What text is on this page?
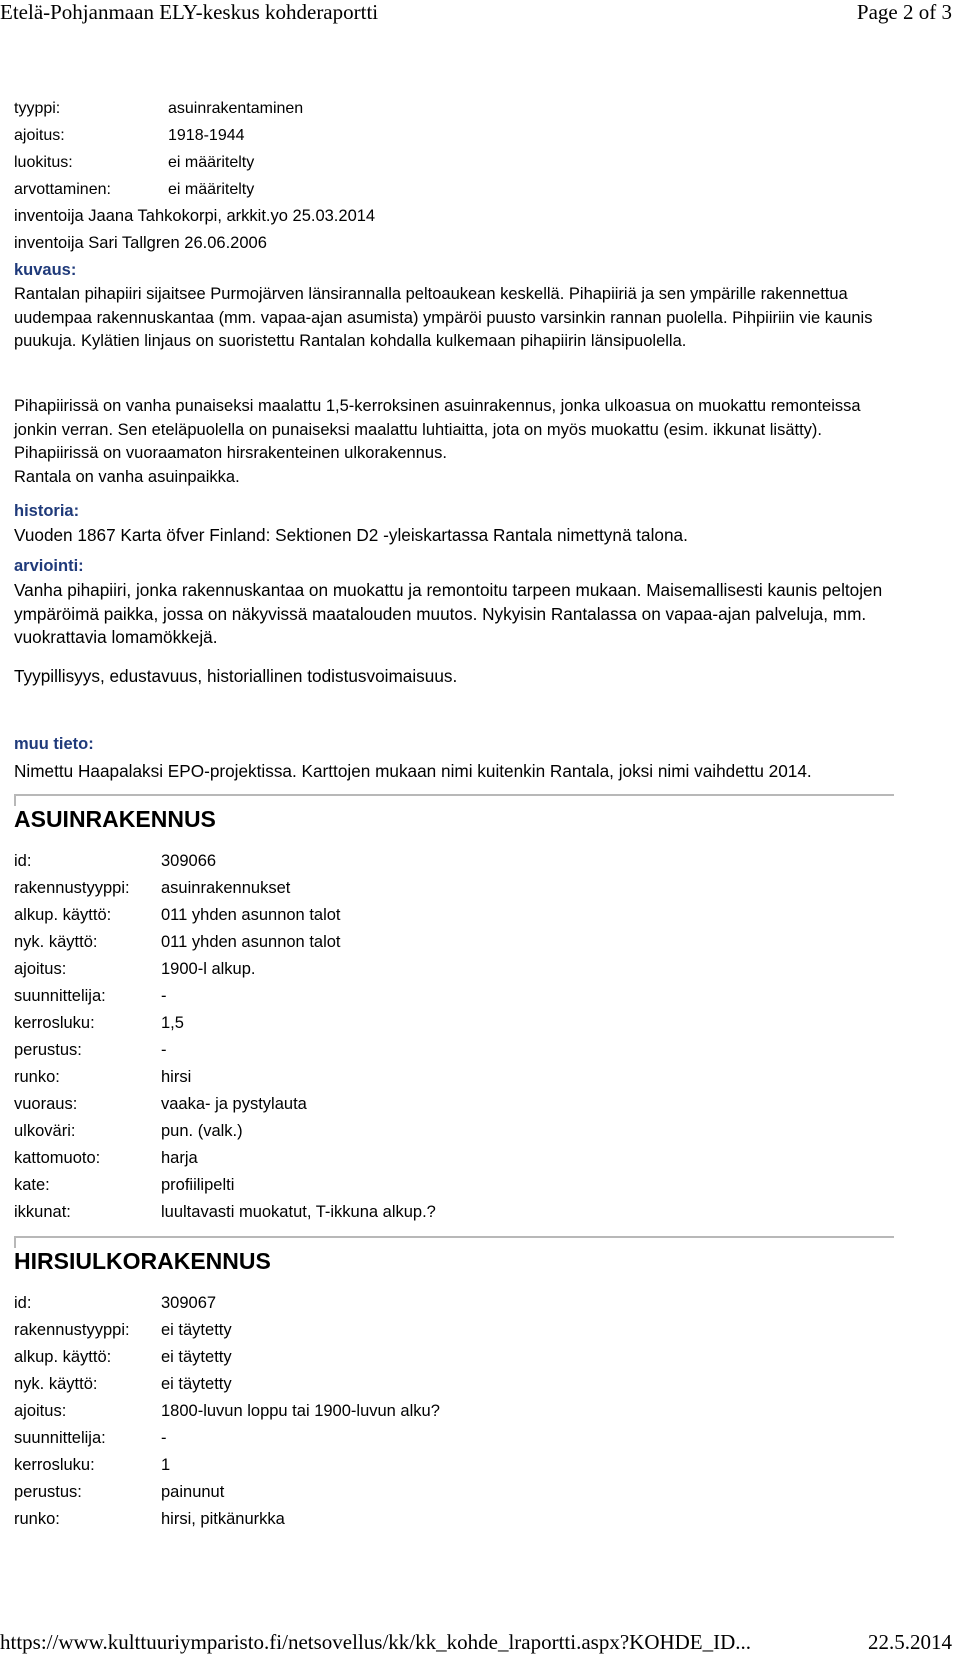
Etelä-Pohjanmaan ELY-keskus kohderaportti	Page 2 of 3
tyyppi:	asuinrakentaminen
ajoitus:	1918-1944
luokitus:	ei määritelty
arvottaminen:	ei määritelty
inventoija Jaana Tahkokorpi, arkkit.yo 25.03.2014
inventoija Sari Tallgren 26.06.2006
kuvaus:

Rantalan pihapiiri sijaitsee Purmojärven länsirannalla peltoaukean keskellä. Pihapiiriä ja sen ympärille rakennettua uudempaa rakennuskantaa (mm. vapaa-ajan asumista) ympäröi puusto varsinkin rannan puolella. Pihpiiriin vie kaunis puukuja. Kylätien linjaus on suoristettu Rantalan kohdalla kulkemaan pihapiirin länsipuolella.

Pihapiirissä on vanha punaiseksi maalattu 1,5-kerroksinen asuinrakennus, jonka ulkoasua on muokattu remonteissa jonkin verran. Sen eteläpuolella on punaiseksi maalattu luhtiaitta, jota on myös muokattu (esim. ikkunat lisätty). Pihapiirissä on vuoraamaton hirsrakenteinen ulkorakennus.

Rantala on vanha asuinpaikka.

historia:

Vuoden 1867 Karta öfver Finland: Sektionen D2 -yleiskartassa Rantala nimettynä talona.

arviointi:

Vanha pihapiiri, jonka rakennuskantaa on muokattu ja remontoitu tarpeen mukaan. Maisemallisesti kaunis peltojen ympäröimä paikka, jossa on näkyvissä maatalouden muutos. Nykyisin Rantalassa on vapaa-ajan palveluja, mm. vuokrattavia lomamökkejä.

Tyypillisyys, edustavuus, historiallinen todistusvoimaisuus.

muu tieto:

Nimettu Haapalaksi EPO-projektissa. Karttojen mukaan nimi kuitenkin Rantala, joksi nimi vaihdettu 2014.

ASUINRAKENNUS
id:	309066
rakennustyyppi: asuinrakennukset
alkup. käyttö:	011 yhden asunnon talot
nyk. käyttö:	011 yhden asunnon talot
ajoitus:	1900-l alkup.
suunnittelija:	-
kerrosluku:	1,5
perustus:	-
runko:	hirsi
vuoraus:	vaaka- ja pystylauta
ulkoväri:	pun. (valk.)
kattomuoto:	harja
kate:	profiilipelti
ikkunat:	luultavasti muokatut, T-ikkuna alkup.?
HIRSIULKORAKENNUS
id:	309067
rakennustyyppi: ei täytetty
alkup. käyttö:	ei täytetty
nyk. käyttö:	ei täytetty
ajoitus:	1800-luvun loppu tai 1900-luvun alku?
suunnittelija:	-
kerrosluku:	1
perustus:	painunut
runko:	hirsi, pitkänurkka
https://www.kulttuuriymparisto.fi/netsovellus/kk/kk_kohde_lraportti.aspx?KOHDE_ID...	22.5.2014
